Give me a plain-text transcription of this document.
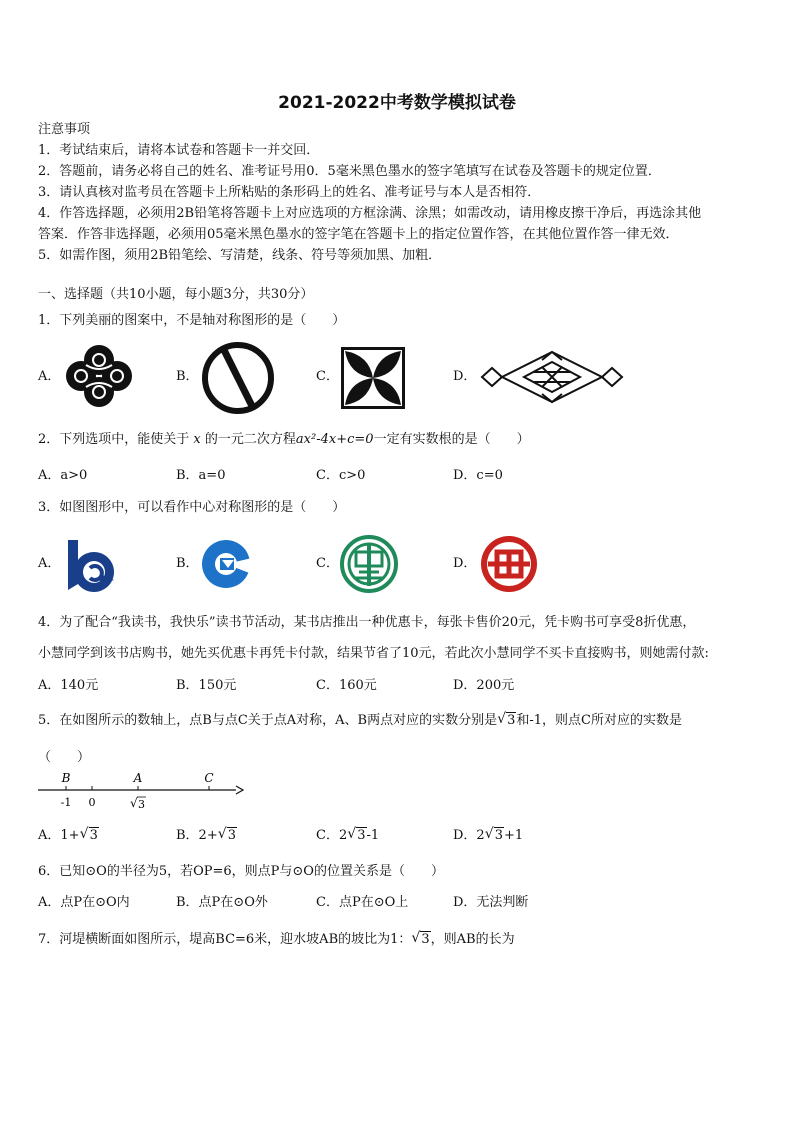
2021-2022中考数学模拟试卷
注意事项
1．考试结束后，请将本试卷和答题卡一并交回．
2．答题前，请务必将自己的姓名、准考证号用0．5毫米黑色墨水的签字笔填写在试卷及答题卡的规定位置．
3．请认真核对监考员在答题卡上所粘贴的条形码上的姓名、准考证号与本人是否相符．
4．作答选择题，必须用2B铅笔将答题卡上对应选项的方框涂满、涂黑；如需改动，请用橡皮擦干净后，再选涂其他
答案．作答非选择题，必须用05毫米黑色墨水的签字笔在答题卡上的指定位置作答，在其他位置作答一律无效．
5．如需作图，须用2B铅笔绘、写清楚，线条、符号等须加黑、加粗．
一、选择题（共10小题，每小题3分，共30分）
1．下列美丽的图案中，不是轴对称图形的是（　　）
A．	B．	C．	D．
2．下列选项中，能使关于 x 的一元二次方程ax²-4x+c=0一定有实数根的是（　　）
A．a>0	B．a=0	C．c>0	D．c=0
3．如图图形中，可以看作中心对称图形的是（　　）
A．	B．	C．	D．
4．为了配合“我读书，我快乐”读书节活动，某书店推出一种优惠卡，每张卡售价20元，凭卡购书可享受8折优惠，
小慧同学到该书店购书，她先买优惠卡再凭卡付款，结果节省了10元，若此次小慧同学不买卡直接购书，则她需付款:
A．140元	B．150元	C．160元	D．200元
5．在如图所示的数轴上，点B与点C关于点A对称，A、B两点对应的实数分别是 √ 3和-1，则点C所对应的实数是
（　　）
B	A	C
-1 0	√ 3
A．1+ √ 3	B．2+ √ 3	C．2 √ 3-1	D．2 √ 3+1
6．已知⊙O的半径为5，若OP=6，则点P与⊙O的位置关系是（　　）
A．点P在⊙O内	B．点P在⊙O外	C．点P在⊙O上	D．无法判断
7．河堤横断面如图所示，堤高BC=6米，迎水坡AB的坡比为1： √ 3，则AB的长为
